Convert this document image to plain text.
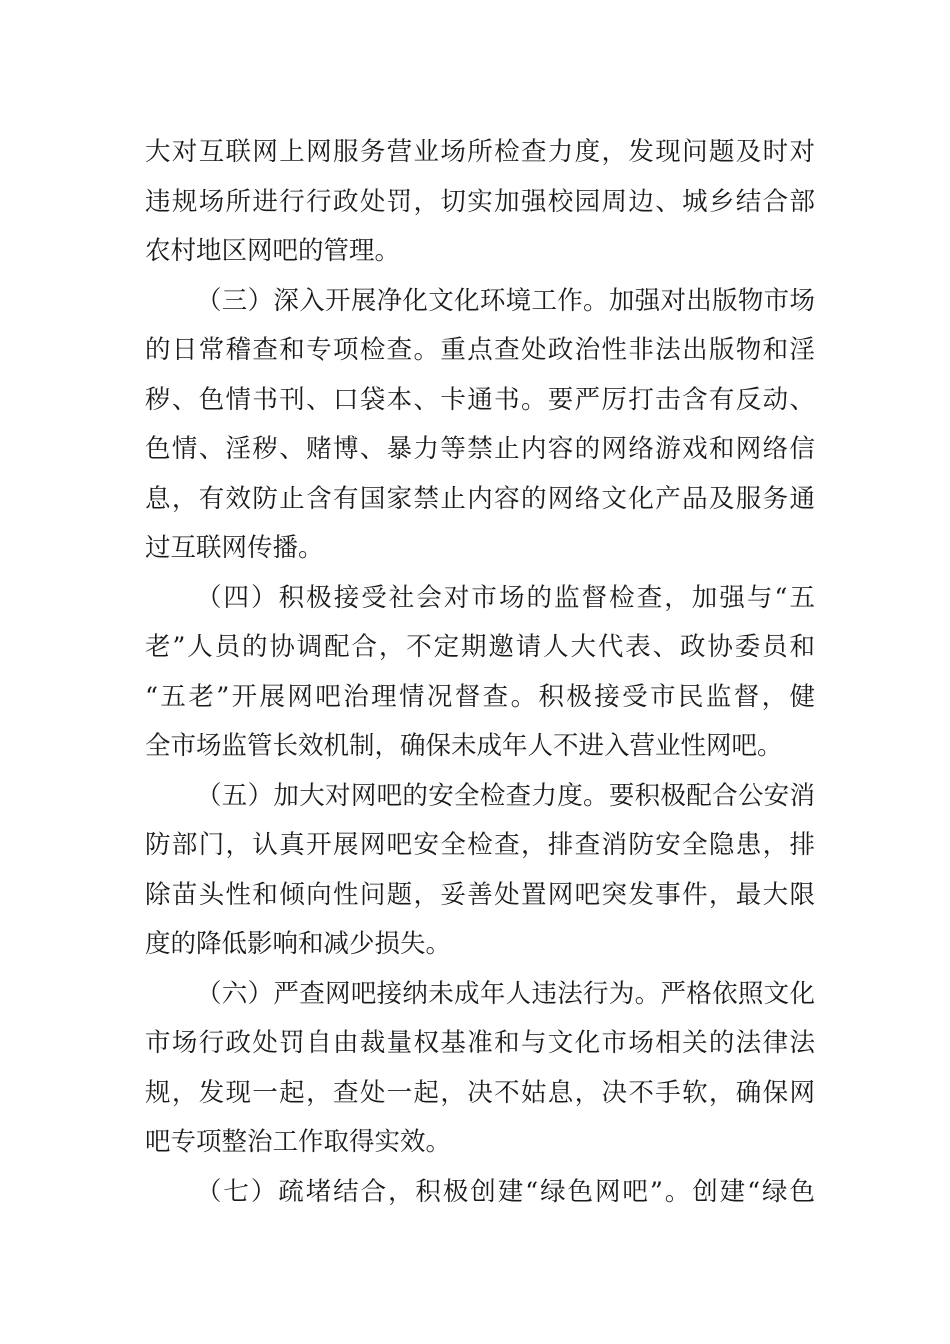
大对互联网上网服务营业场所检查力度，发现问题及时对
违规场所进行行政处罚，切实加强校园周边、城乡结合部
农村地区网吧的管理。
（三）深入开展净化文化环境工作。加强对出版物市场
的日常稽查和专项检查。重点查处政治性非法出版物和淫
秽、色情书刊、口袋本、卡通书。要严厉打击含有反动、
色情、淫秽、赌博、暴力等禁止内容的网络游戏和网络信
息，有效防止含有国家禁止内容的网络文化产品及服务通
过互联网传播。
（四）积极接受社会对市场的监督检查，加强与“五
老”人员的协调配合，不定期邀请人大代表、政协委员和
“五老”开展网吧治理情况督查。积极接受市民监督，健
全市场监管长效机制，确保未成年人不进入营业性网吧。
（五）加大对网吧的安全检查力度。要积极配合公安消
防部门，认真开展网吧安全检查，排查消防安全隐患，排
除苗头性和倾向性问题，妥善处置网吧突发事件，最大限
度的降低影响和减少损失。
（六）严查网吧接纳未成年人违法行为。严格依照文化
市场行政处罚自由裁量权基准和与文化市场相关的法律法
规，发现一起，查处一起，决不姑息，决不手软，确保网
吧专项整治工作取得实效。
（七）疏堵结合，积极创建“绿色网吧”。创建“绿色
